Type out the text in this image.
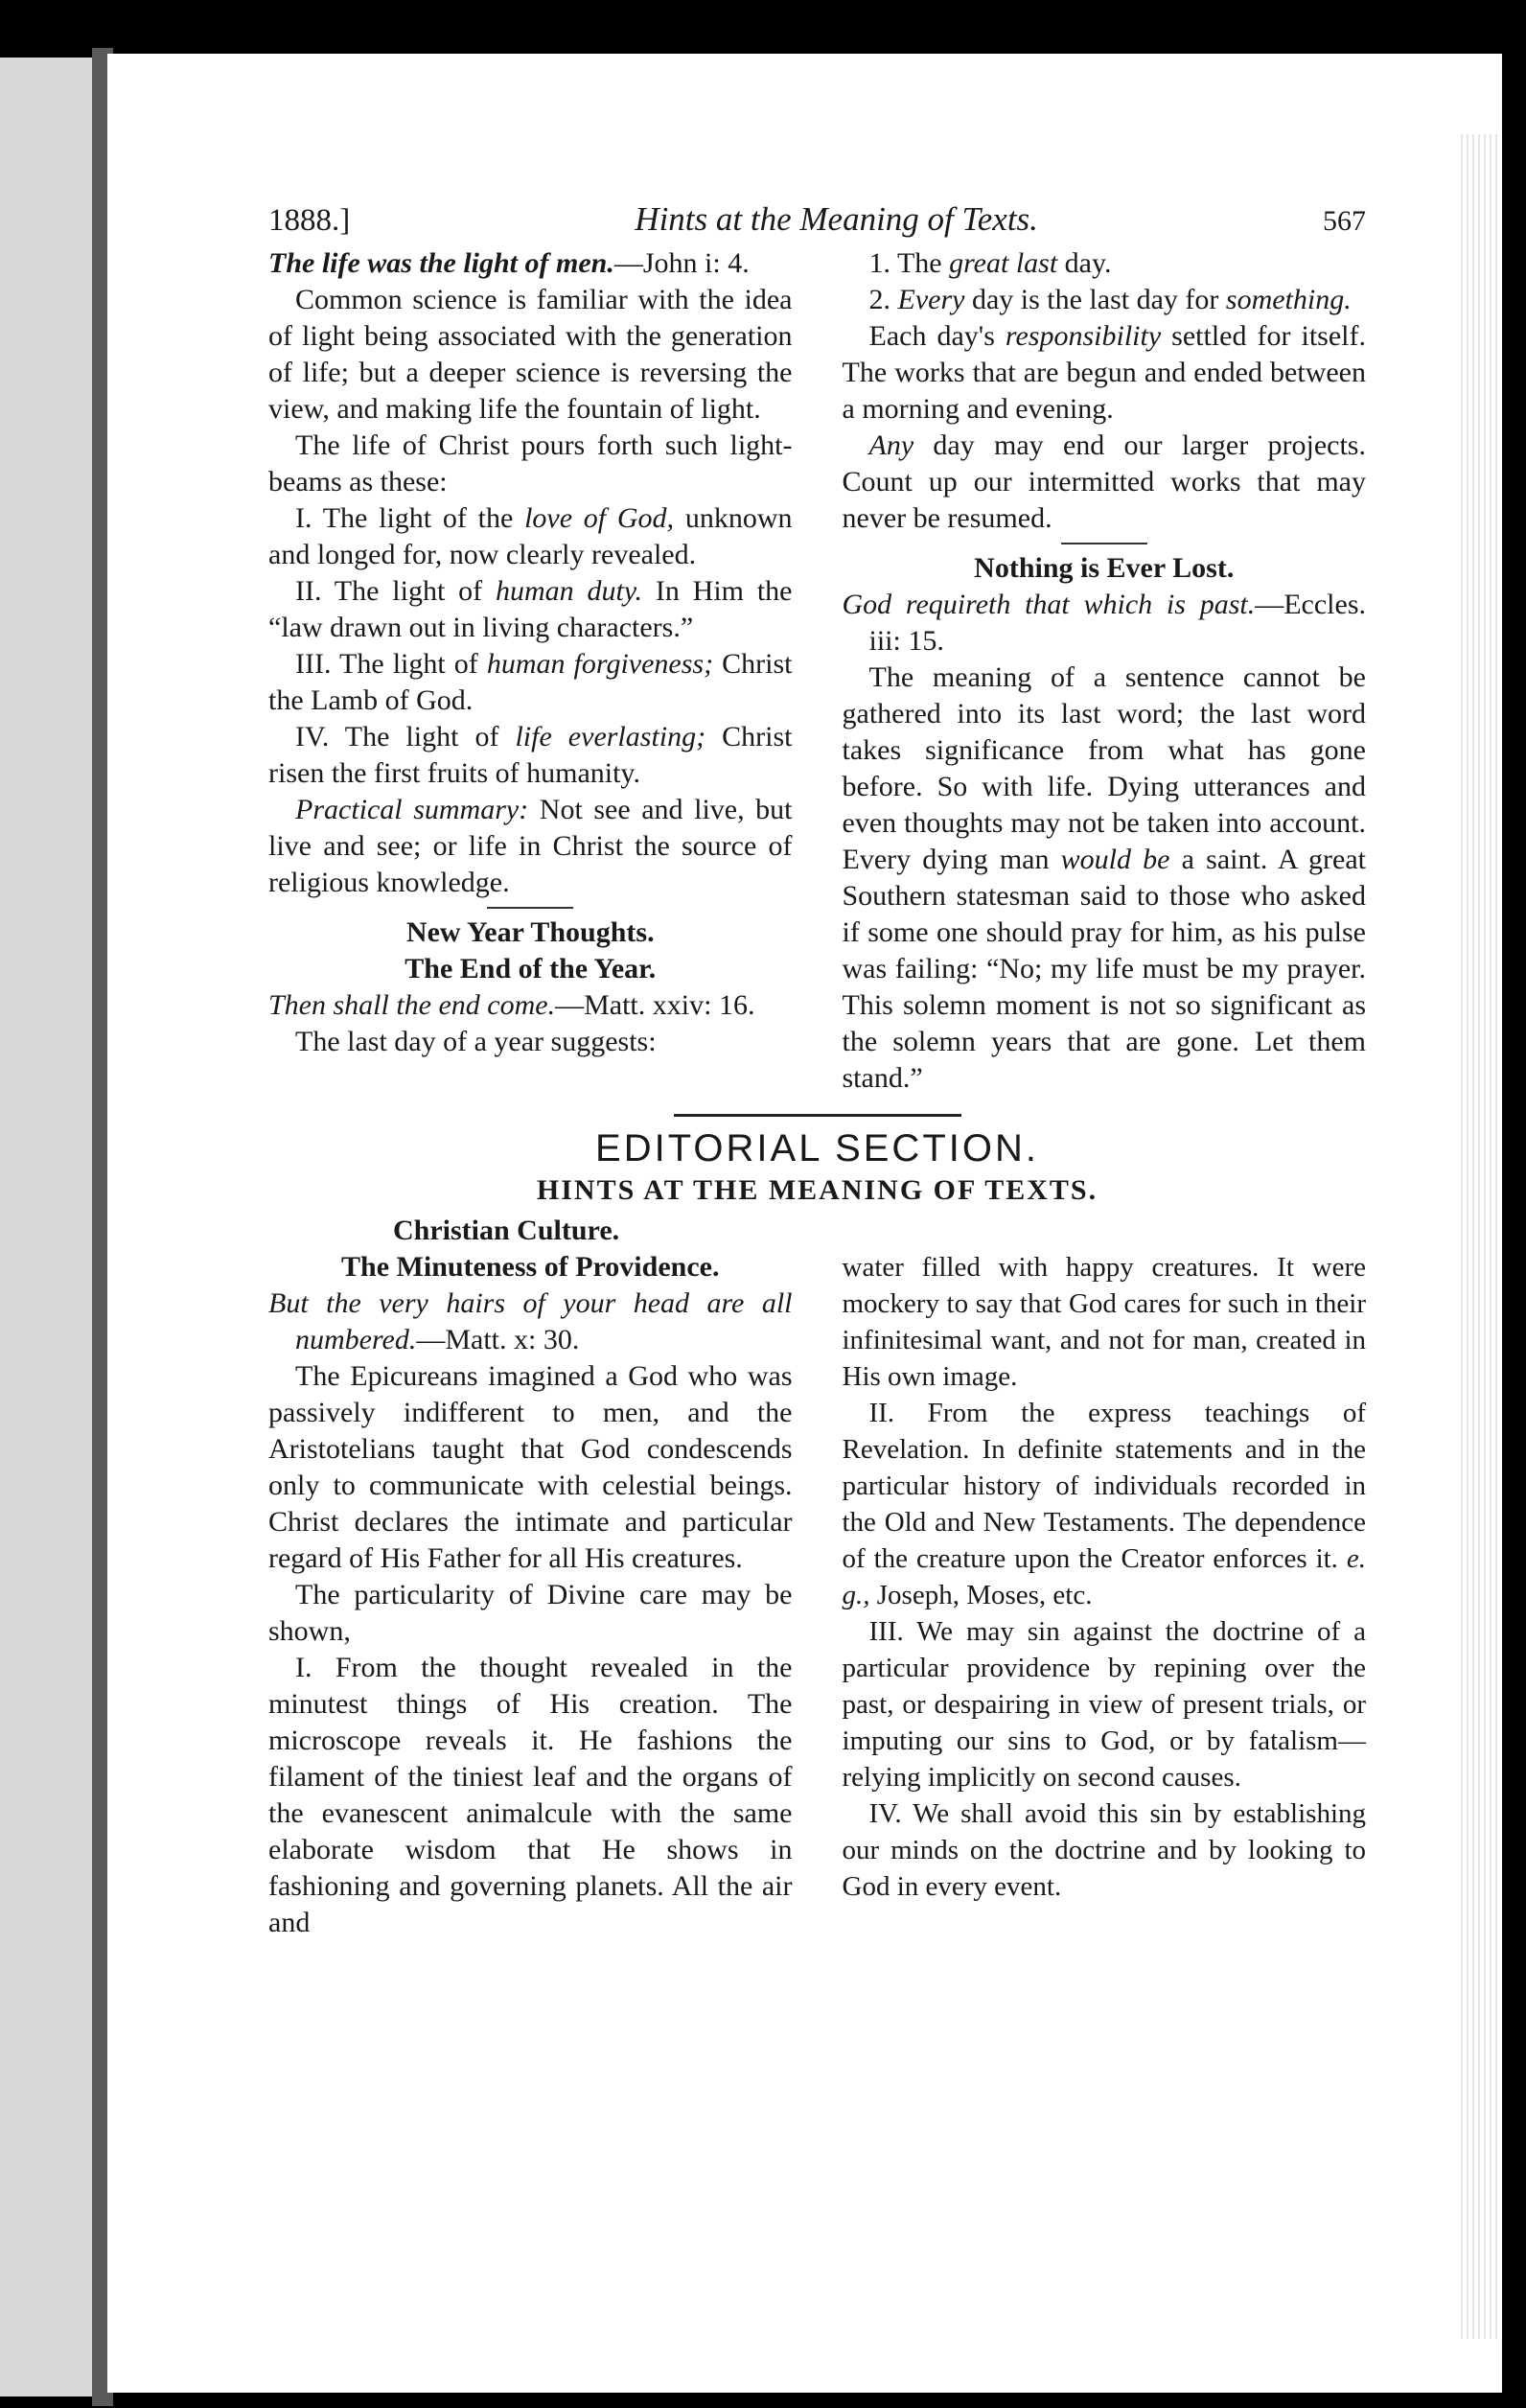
1888.]	Hints at the Meaning of Texts.	567

The life was the light of men.—John i: 4.

Common science is familiar with the idea of light being associated with the generation of life; but a deeper science is reversing the view, and making life the fountain of light.

The life of Christ pours forth such light-beams as these:

I. The light of the love of God, unknown and longed for, now clearly revealed.

II. The light of human duty. In Him the “law drawn out in living characters.”

III. The light of human forgiveness; Christ the Lamb of God.

IV. The light of life everlasting; Christ risen the first fruits of humanity.

Practical summary: Not see and live, but live and see; or life in Christ the source of religious knowledge.

New Year Thoughts.

The End of the Year.

Then shall the end come.—Matt. xxiv: 16.

The last day of a year suggests:

1. The great last day.

2. Every day is the last day for something.

Each day's responsibility settled for itself. The works that are begun and ended between a morning and evening.

Any day may end our larger projects. Count up our intermitted works that may never be resumed.

Nothing is Ever Lost.

God requireth that which is past.—Eccles. iii: 15.

The meaning of a sentence cannot be gathered into its last word; the last word takes significance from what has gone before. So with life. Dying utterances and even thoughts may not be taken into account. Every dying man would be a saint. A great Southern statesman said to those who asked if some one should pray for him, as his pulse was failing: “No; my life must be my prayer. This solemn moment is not so significant as the solemn years that are gone. Let them stand.”

EDITORIAL SECTION.
HINTS AT THE MEANING OF TEXTS.
Christian Culture.

The Minuteness of Providence.

But the very hairs of your head are all numbered.—Matt. x: 30.

The Epicureans imagined a God who was passively indifferent to men, and the Aristotelians taught that God condescends only to communicate with celestial beings. Christ declares the intimate and particular regard of His Father for all His creatures.

The particularity of Divine care may be shown,

I. From the thought revealed in the minutest things of His creation. The microscope reveals it. He fashions the filament of the tiniest leaf and the organs of the evanescent animalcule with the same elaborate wisdom that He shows in fashioning and governing planets. All the air and

water filled with happy creatures. It were mockery to say that God cares for such in their infinitesimal want, and not for man, created in His own image.

II. From the express teachings of Revelation. In definite statements and in the particular history of individuals recorded in the Old and New Testaments. The dependence of the creature upon the Creator enforces it. e. g., Joseph, Moses, etc.

III. We may sin against the doctrine of a particular providence by repining over the past, or despairing in view of present trials, or imputing our sins to God, or by fatalism—relying implicitly on second causes.

IV. We shall avoid this sin by establishing our minds on the doctrine and by looking to God in every event.
